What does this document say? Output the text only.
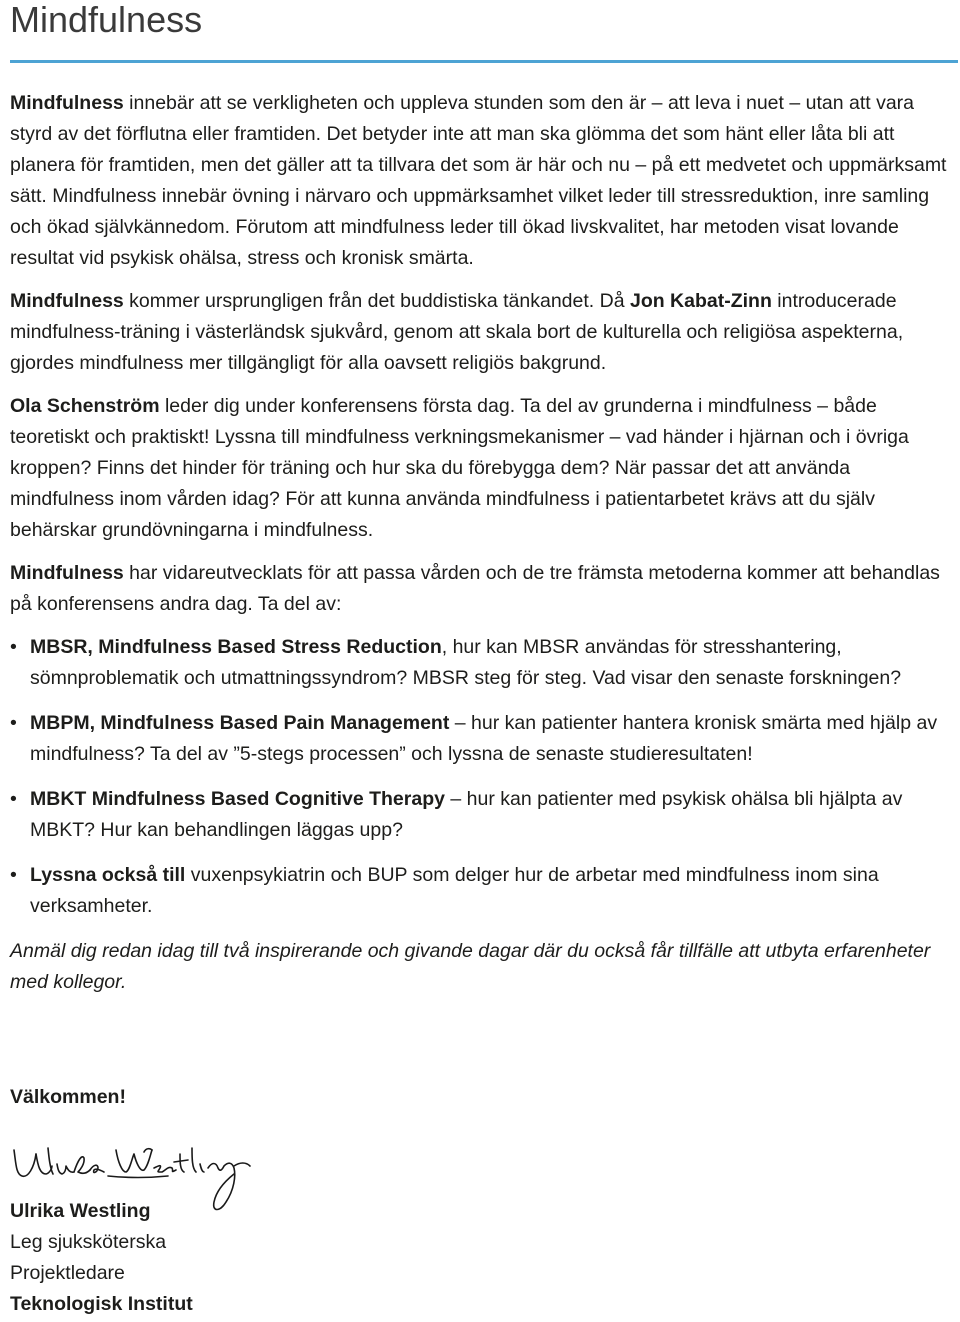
Mindfulness

Mindfulness innebär att se verkligheten och uppleva stunden som den är – att leva i nuet – utan att vara styrd av det förflutna eller framtiden. Det betyder inte att man ska glömma det som hänt eller låta bli att planera för framtiden, men det gäller att ta tillvara det som är här och nu – på ett medvetet och uppmärksamt sätt. Mindfulness innebär övning i närvaro och uppmärksamhet vilket leder till stressreduktion, inre samling och ökad självkännedom. Förutom att mindfulness leder till ökad livskvalitet, har metoden visat lovande resultat vid psykisk ohälsa, stress och kronisk smärta.

Mindfulness kommer ursprungligen från det buddistiska tänkandet. Då Jon Kabat-Zinn introducerade mindfulness-träning i västerländsk sjukvård, genom att skala bort de kulturella och religiösa aspekterna, gjordes mindfulness mer tillgängligt för alla oavsett religiös bakgrund.

Ola Schenström leder dig under konferensens första dag. Ta del av grunderna i mindfulness – både teoretiskt och praktiskt! Lyssna till mindfulness verkningsmekanismer – vad händer i hjärnan och i övriga kroppen? Finns det hinder för träning och hur ska du förebygga dem? När passar det att använda mindfulness inom vården idag? För att kunna använda mindfulness i patientarbetet krävs att du själv behärskar grundövningarna i mindfulness.

Mindfulness har vidareutvecklats för att passa vården och de tre främsta metoderna kommer att behandlas på konferensens andra dag. Ta del av:

• MBSR, Mindfulness Based Stress Reduction, hur kan MBSR användas för stresshantering, sömnproblematik och utmattningssyndrom? MBSR steg för steg. Vad visar den senaste forskningen?
• MBPM, Mindfulness Based Pain Management – hur kan patienter hantera kronisk smärta med hjälp av mindfulness? Ta del av ”5-stegs processen” och lyssna de senaste studieresultaten!
• MBKT Mindfulness Based Cognitive Therapy – hur kan patienter med psykisk ohälsa bli hjälpta av MBKT? Hur kan behandlingen läggas upp?
• Lyssna också till vuxenpsykiatrin och BUP som delger hur de arbetar med mindfulness inom sina verksamheter.

Anmäl dig redan idag till två inspirerande och givande dagar där du också får tillfälle att utbyta erfarenheter med kollegor.

Välkommen!
Ulrika Westling
Leg sjuksköterska
Projektledare
Teknologisk Institut
